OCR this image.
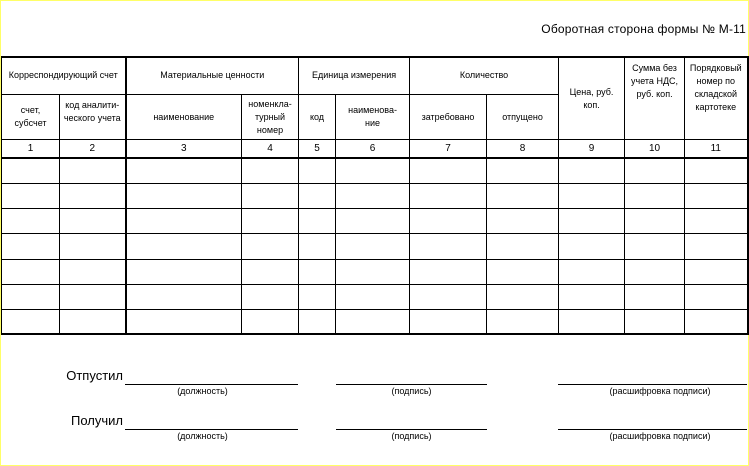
Оборотная сторона формы № М-11
Корреспондирующий счет		Материальные ценности		Единица измерения		Количество		Цена, руб. коп.	Сумма без учета НДС, руб. коп.	Порядковый номер по складской картотеке

счет, субсчет	код аналити-ческого учета	наименование	номенкла-турный номер	код	наименова-ние	затребовано	отпущено			
1	2	3	4	5	6	7	8	9	10	11

Отпустил
(должность)	(подпись)	(расшифровка подписи)
Получил
(должность)	(подпись)	(расшифровка подписи)
